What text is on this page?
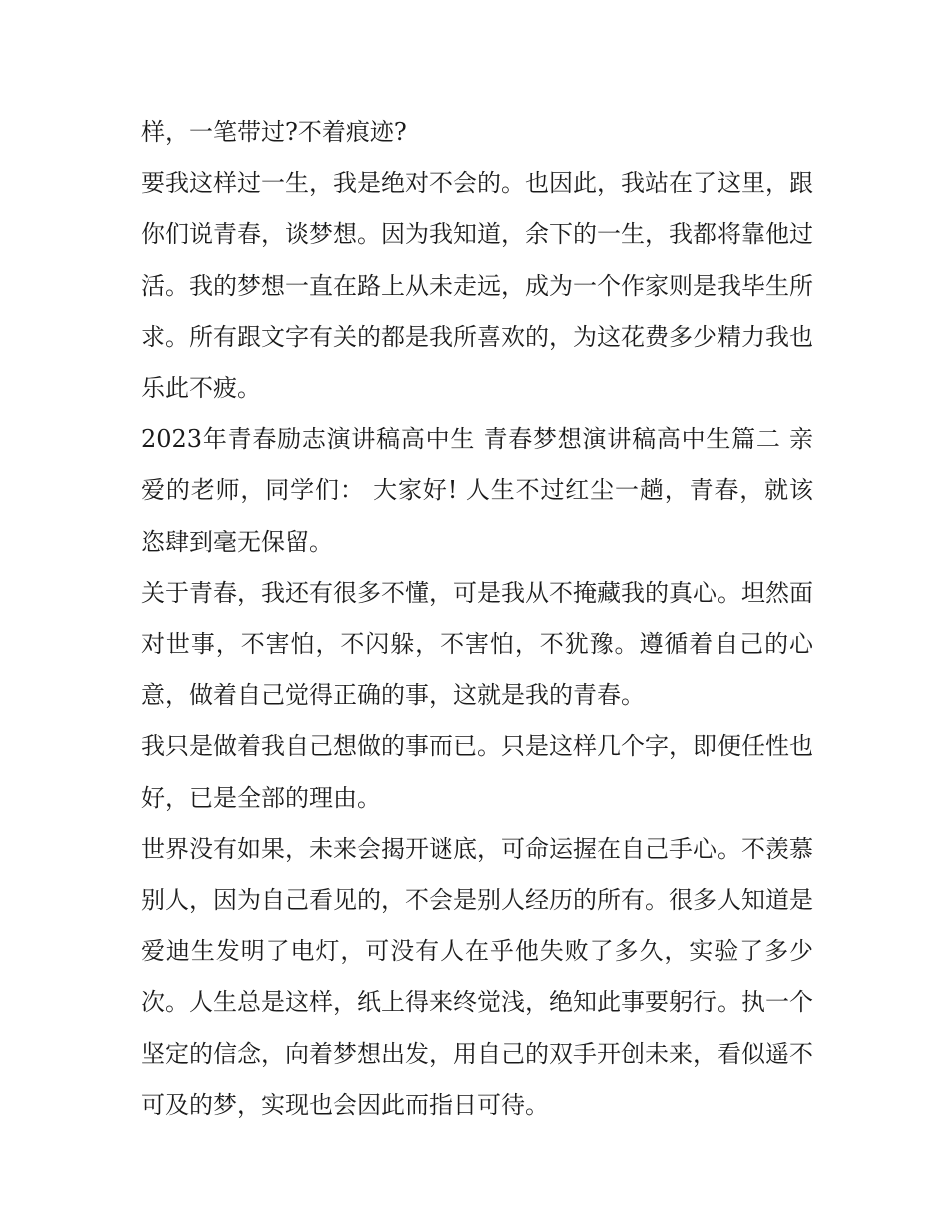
样，一笔带过?不着痕迹?

要我这样过一生，我是绝对不会的。也因此，我站在了这里，跟你们说青春，谈梦想。因为我知道，余下的一生，我都将靠他过活。我的梦想一直在路上从未走远，成为一个作家则是我毕生所求。所有跟文字有关的都是我所喜欢的，为这花费多少精力我也乐此不疲。

2023年青春励志演讲稿高中生 青春梦想演讲稿高中生篇二 亲爱的老师，同学们： 大家好! 人生不过红尘一趟，青春，就该恣肆到毫无保留。

关于青春，我还有很多不懂，可是我从不掩藏我的真心。坦然面对世事，不害怕，不闪躲，不害怕，不犹豫。遵循着自己的心意，做着自己觉得正确的事，这就是我的青春。

我只是做着我自己想做的事而已。只是这样几个字，即便任性也好，已是全部的理由。

世界没有如果，未来会揭开谜底，可命运握在自己手心。不羡慕别人，因为自己看见的，不会是别人经历的所有。很多人知道是爱迪生发明了电灯，可没有人在乎他失败了多久，实验了多少次。人生总是这样，纸上得来终觉浅，绝知此事要躬行。执一个坚定的信念，向着梦想出发，用自己的双手开创未来，看似遥不可及的梦，实现也会因此而指日可待。
